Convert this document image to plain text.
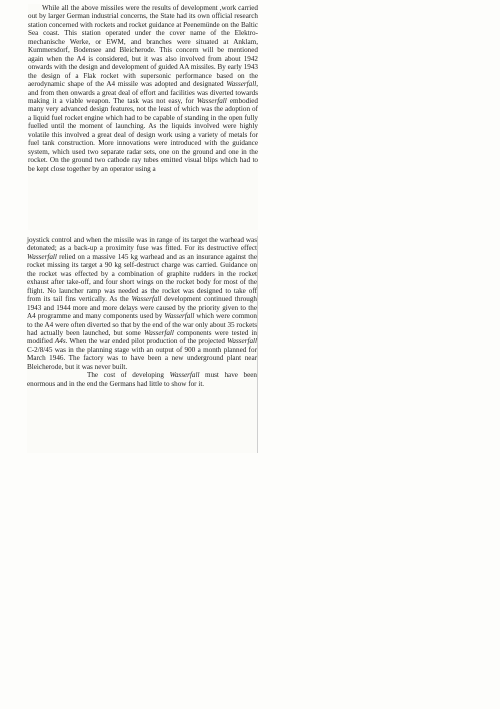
While all the above missiles were the results of development ,work carried out by larger German industrial concerns, the State had its own official research station concerned with rockets and rocket guidance at Peenemünde on the Baltic Sea coast. This station operated under the cover name of the Elektro-mechanische Werke, or EWM, and branches were situated at Anklam, Kummersdorf, Bodensee and Bleicherode. This concern will be mentioned again when the A4 is considered, but it was also involved from about 1942 onwards with the design and development of guided AA missiles. By early 1943 the design of a Flak rocket with supersonic performance based on the aerodynamic shape of the A4 missile was adopted and designated Wasserfall, and from then onwards a great deal of effort and facilities was diverted towards making it a viable weapon. The task was not easy, for Wasserfall embodied many very advanced design features, not the least of which was the adoption of a liquid fuel rocket engine which had to be capable of standing in the open fully fuelled until the moment of launching. As the liquids involved were highly volatile this involved a great deal of design work using a variety of metals for fuel tank construction. More innovations were introduced with the guidance system, which used two separate radar sets, one on the ground and one in the rocket. On the ground two cathode ray tubes emitted visual blips which had to be kept close together by an operator using a

joystick control and when the missile was in range of its target the warhead was detonated; as a back-up a proximity fuse was fitted. For its destructive effect Wasserfall relied on a massive 145 kg warhead and as an insurance against the rocket missing its target a 90 kg self-destruct charge was carried. Guidance on the rocket was effected by a combination of graphite rudders in the rocket exhaust after take-off, and four short wings on the rocket body for most of the flight. No launcher ramp was needed as the rocket was designed to take off from its tail fins vertically. As the Wasserfall development continued through 1943 and 1944 more and more delays were caused by the priority given to the A4 programme and many components used by Wasserfall which were common to the A4 were often diverted so that by the end of the war only about 35 rockets had actually been launched, but some Wasserfall components were tested in modified A4s. When the war ended pilot production of the projected Wasserfall C-2/8/45 was in the planning stage with an output of 900 a month planned for March 1946. The factory was to have been a new underground plant near Bleicherode, but it was never built.

The cost of developing Wasserfall must have been enormous and in the end the Germans had little to show for it.
